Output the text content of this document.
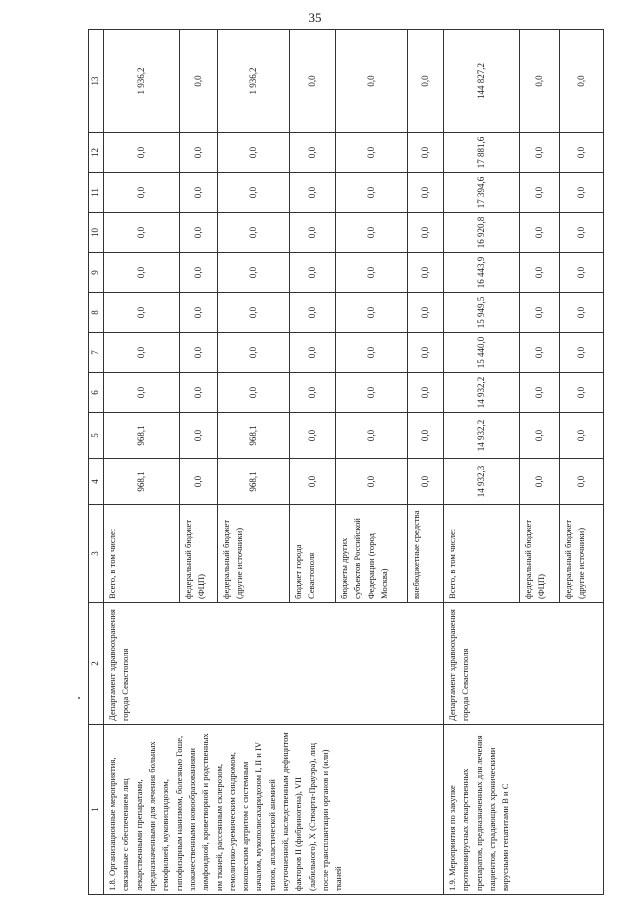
35
1	2	3	4	5	6	7	8	9	10	11	12	13
1.8. Организационные мероприятия, связанные с обеспечением лиц лекарственными препаратами, предназначенными для лечения больных гемофилией, муковисцидозом, гипофизарным нанизмом, болезнью Гоше, злокачественными новообразованиями лимфоидной, кроветворной и родственных им тканей, рассеянным склерозом, гемолитико-уремическим синдромом, юношеским артритом с системным началом, мукополисахаридозом I, II и IV типов, апластической анемией неуточненной, наследственным дефицитом факторов II (фибриногена), VII (лабильного), X (Стюарта-Прауэра), лиц после трансплантации органов и (или) тканей	Департамент здравоохранения города Севастополя	Всего, в том числе:	968,1	968,1	0,0	0,0	0,0	0,0	0,0	0,0	0,0	1 936,2
		федеральный бюджет (ФЦП)	0,0	0,0	0,0	0,0	0,0	0,0	0,0	0,0	0,0	0,0
		федеральный бюджет (другие источники)	968,1	968,1	0,0	0,0	0,0	0,0	0,0	0,0	0,0	1 936,2
		бюджет города Севастополя	0,0	0,0	0,0	0,0	0,0	0,0	0,0	0,0	0,0	0,0
		бюджеты других субъектов Российской Федерации (город Москва)	0,0	0,0	0,0	0,0	0,0	0,0	0,0	0,0	0,0	0,0
		внебюджетные средства	0,0	0,0	0,0	0,0	0,0	0,0	0,0	0,0	0,0	0,0
1.9. Мероприятия по закупке противовирусных лекарственных препаратов, предназначенных для лечения пациентов, страдающих хроническими вирусными гепатитами В и С	Департамент здравоохранения города Севастополя	Всего, в том числе:	14 932,3	14 932,2	14 932,2	15 440,0	15 949,5	16 443,9	16 920,8	17 394,6	17 881,6	144 827,2
		федеральный бюджет (ФЦП)	0,0	0,0	0,0	0,0	0,0	0,0	0,0	0,0	0,0	0,0
		федеральный бюджет (другие источники)	0,0	0,0	0,0	0,0	0,0	0,0	0,0	0,0	0,0	0,0
